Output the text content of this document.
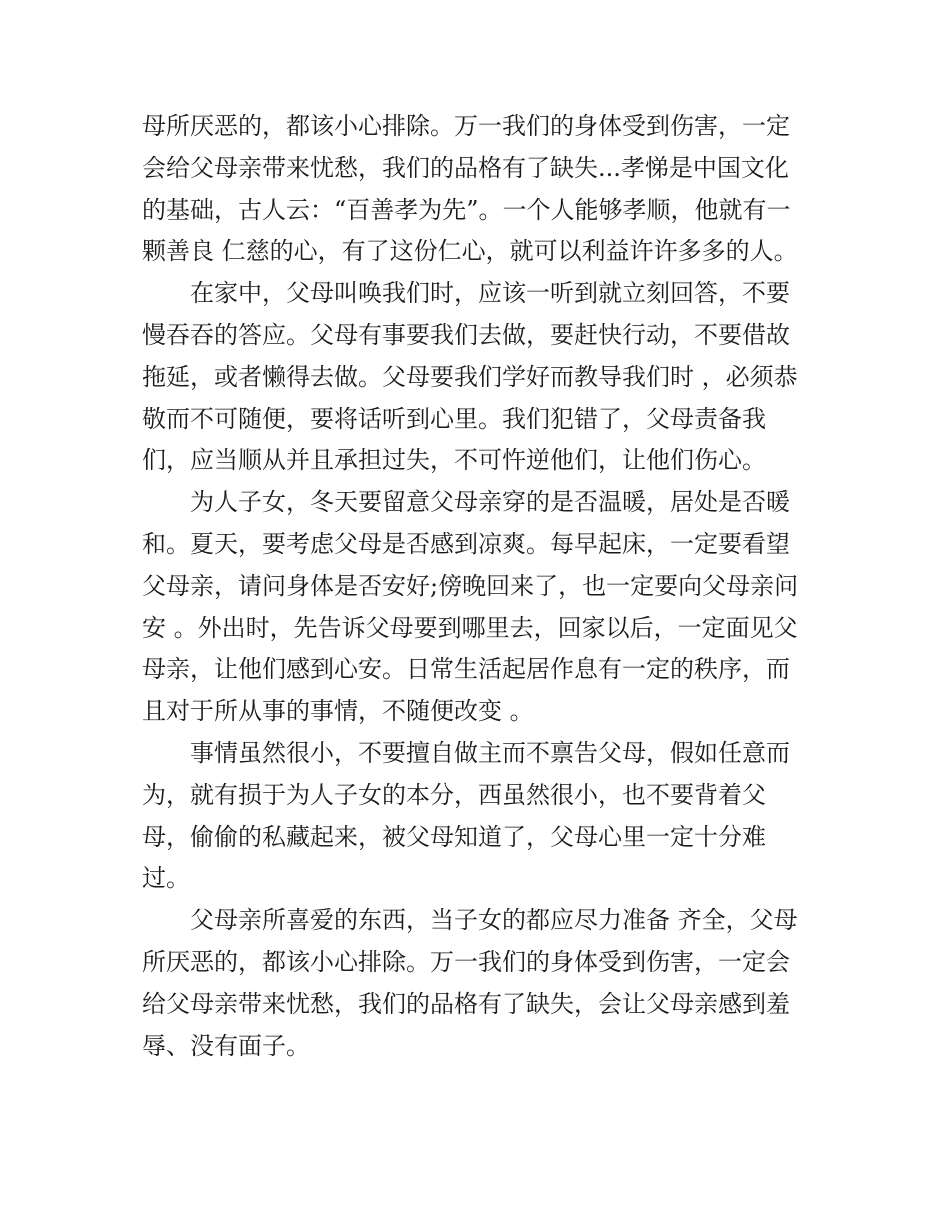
母所厌恶的，都该小心排除。万一我们的身体受到伤害，一定会给父母亲带来忧愁，我们的品格有了缺失...孝悌是中国文化的基础，古人云：“百善孝为先”。一个人能够孝顺，他就有一颗善良 仁慈的心，有了这份仁心，就可以利益许许多多的人。

在家中，父母叫唤我们时，应该一听到就立刻回答，不要慢吞吞的答应。父母有事要我们去做，要赶快行动，不要借故拖延，或者懒得去做。父母要我们学好而教导我们时 ，必须恭敬而不可随便，要将话听到心里。我们犯错了，父母责备我们，应当顺从并且承担过失，不可忤逆他们，让他们伤心。

为人子女，冬天要留意父母亲穿的是否温暖，居处是否暖和。夏天，要考虑父母是否感到凉爽。每早起床，一定要看望父母亲，请问身体是否安好;傍晚回来了，也一定要向父母亲问安 。外出时，先告诉父母要到哪里去，回家以后，一定面见父母亲，让他们感到心安。日常生活起居作息有一定的秩序，而且对于所从事的事情，不随便改变 。

事情虽然很小，不要擅自做主而不禀告父母，假如任意而为，就有损于为人子女的本分，西虽然很小，也不要背着父母，偷偷的私藏起来，被父母知道了，父母心里一定十分难过。

父母亲所喜爱的东西，当子女的都应尽力准备 齐全，父母所厌恶的，都该小心排除。万一我们的身体受到伤害，一定会给父母亲带来忧愁，我们的品格有了缺失，会让父母亲感到羞辱、没有面子。
